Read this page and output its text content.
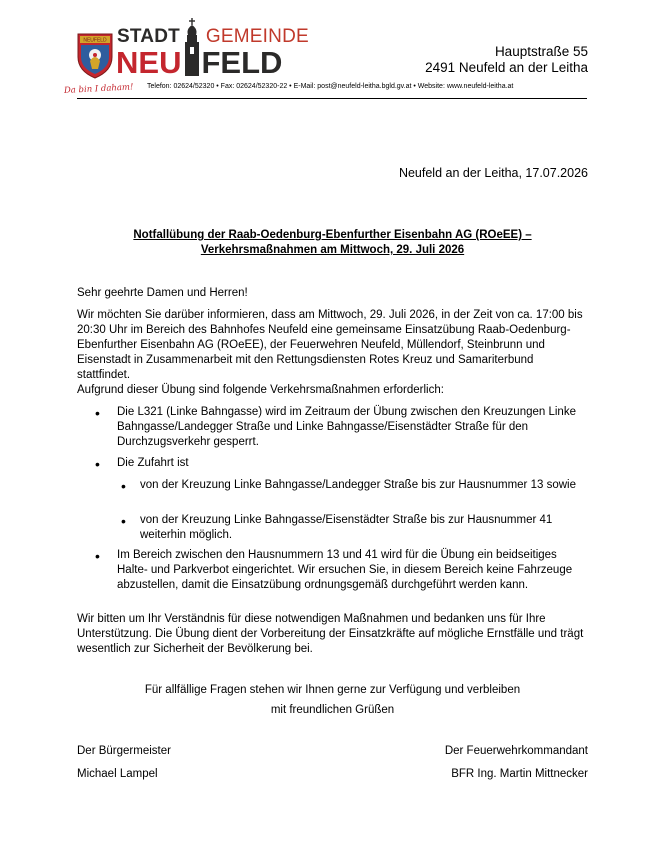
NEUFELD STADT GEMEINDE
NEU FELD
Da bin I daham! Telefon: 02624/52320 • Fax: 02624/52320-22 • E-Mail: post@neufeld-leitha.bgld.gv.at • Website: www.neufeld-leitha.at
Hauptstraße 55
2491 Neufeld an der Leitha
Neufeld an der Leitha, 17.07.2026
Notfallübung der Raab-Oedenburg-Ebenfurther Eisenbahn AG (ROeEE) –
Verkehrsmaßnahmen am Mittwoch, 29. Juli 2026
Sehr geehrte Damen und Herren!
Wir möchten Sie darüber informieren, dass am Mittwoch, 29. Juli 2026, in der Zeit von ca. 17:00 bis 20:30 Uhr im Bereich des Bahnhofes Neufeld eine gemeinsame Einsatzübung Raab-Oedenburg-Ebenfurther Eisenbahn AG (ROeEE), der Feuerwehren Neufeld, Müllendorf, Steinbrunn und Eisenstadt in Zusammenarbeit mit den Rettungsdiensten Rotes Kreuz und Samariterbund stattfindet.
Aufgrund dieser Übung sind folgende Verkehrsmaßnahmen erforderlich:
• Die L321 (Linke Bahngasse) wird im Zeitraum der Übung zwischen den Kreuzungen Linke Bahngasse/Landegger Straße und Linke Bahngasse/Eisenstädter Straße für den Durchzugsverkehr gesperrt.
• Die Zufahrt ist
• von der Kreuzung Linke Bahngasse/Landegger Straße bis zur Hausnummer 13 sowie
• von der Kreuzung Linke Bahngasse/Eisenstädter Straße bis zur Hausnummer 41 weiterhin möglich.
• Im Bereich zwischen den Hausnummern 13 und 41 wird für die Übung ein beidseitiges Halte- und Parkverbot eingerichtet. Wir ersuchen Sie, in diesem Bereich keine Fahrzeuge abzustellen, damit die Einsatzübung ordnungsgemäß durchgeführt werden kann.
Wir bitten um Ihr Verständnis für diese notwendigen Maßnahmen und bedanken uns für Ihre Unterstützung. Die Übung dient der Vorbereitung der Einsatzkräfte auf mögliche Ernstfälle und trägt wesentlich zur Sicherheit der Bevölkerung bei.
Für allfällige Fragen stehen wir Ihnen gerne zur Verfügung und verbleiben
mit freundlichen Grüßen
Der Bürgermeister
Michael Lampel
Der Feuerwehrkommandant
BFR Ing. Martin Mittnecker
